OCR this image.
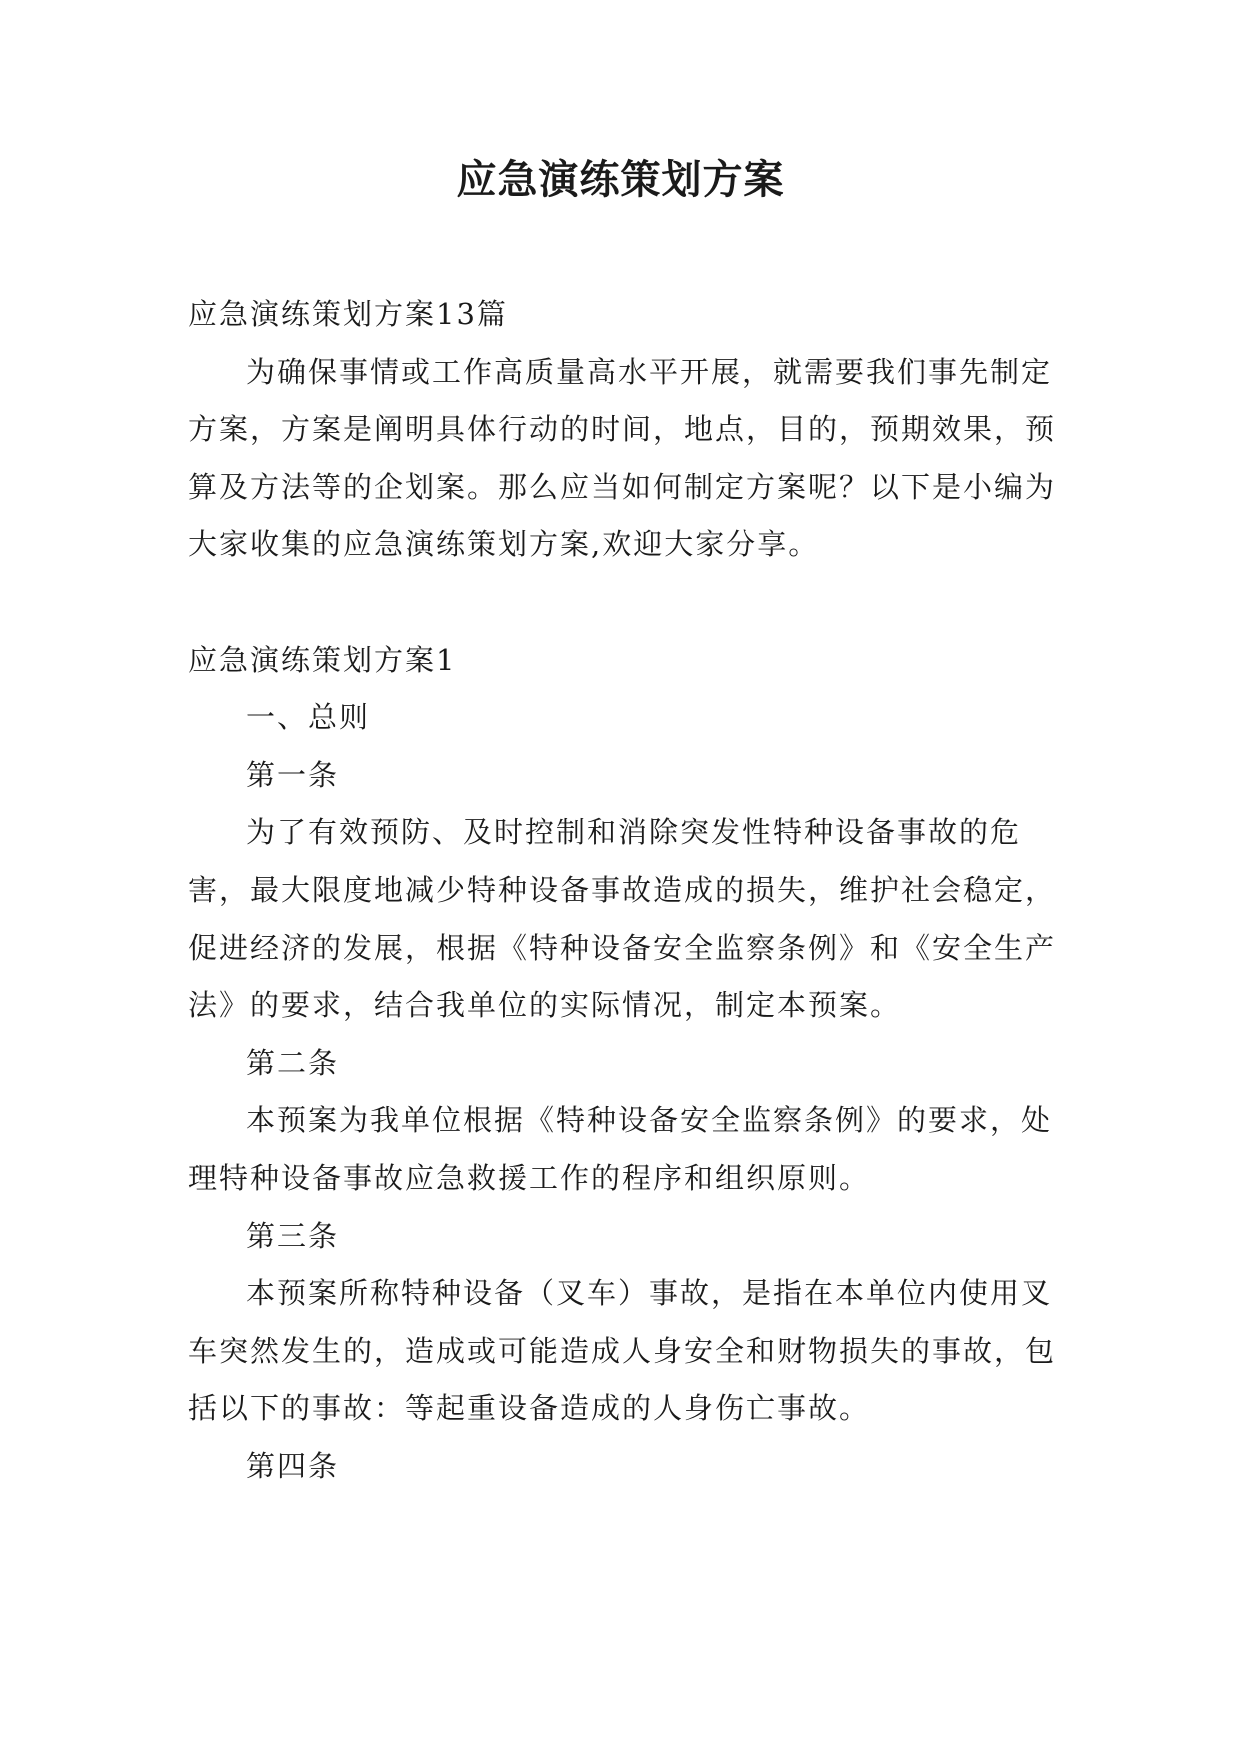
应急演练策划方案

应急演练策划方案13篇

为确保事情或工作高质量高水平开展，就需要我们事先制定方案，方案是阐明具体行动的时间，地点，目的，预期效果，预算及方法等的企划案。那么应当如何制定方案呢？以下是小编为大家收集的应急演练策划方案,欢迎大家分享。

应急演练策划方案1

一、总则

第一条

为了有效预防、及时控制和消除突发性特种设备事故的危害，最大限度地减少特种设备事故造成的损失，维护社会稳定，促进经济的发展，根据《特种设备安全监察条例》和《安全生产法》的要求，结合我单位的实际情况，制定本预案。

第二条

本预案为我单位根据《特种设备安全监察条例》的要求，处理特种设备事故应急救援工作的程序和组织原则。

第三条

本预案所称特种设备（叉车）事故，是指在本单位内使用叉车突然发生的，造成或可能造成人身安全和财物损失的事故，包括以下的事故：等起重设备造成的人身伤亡事故。

第四条
